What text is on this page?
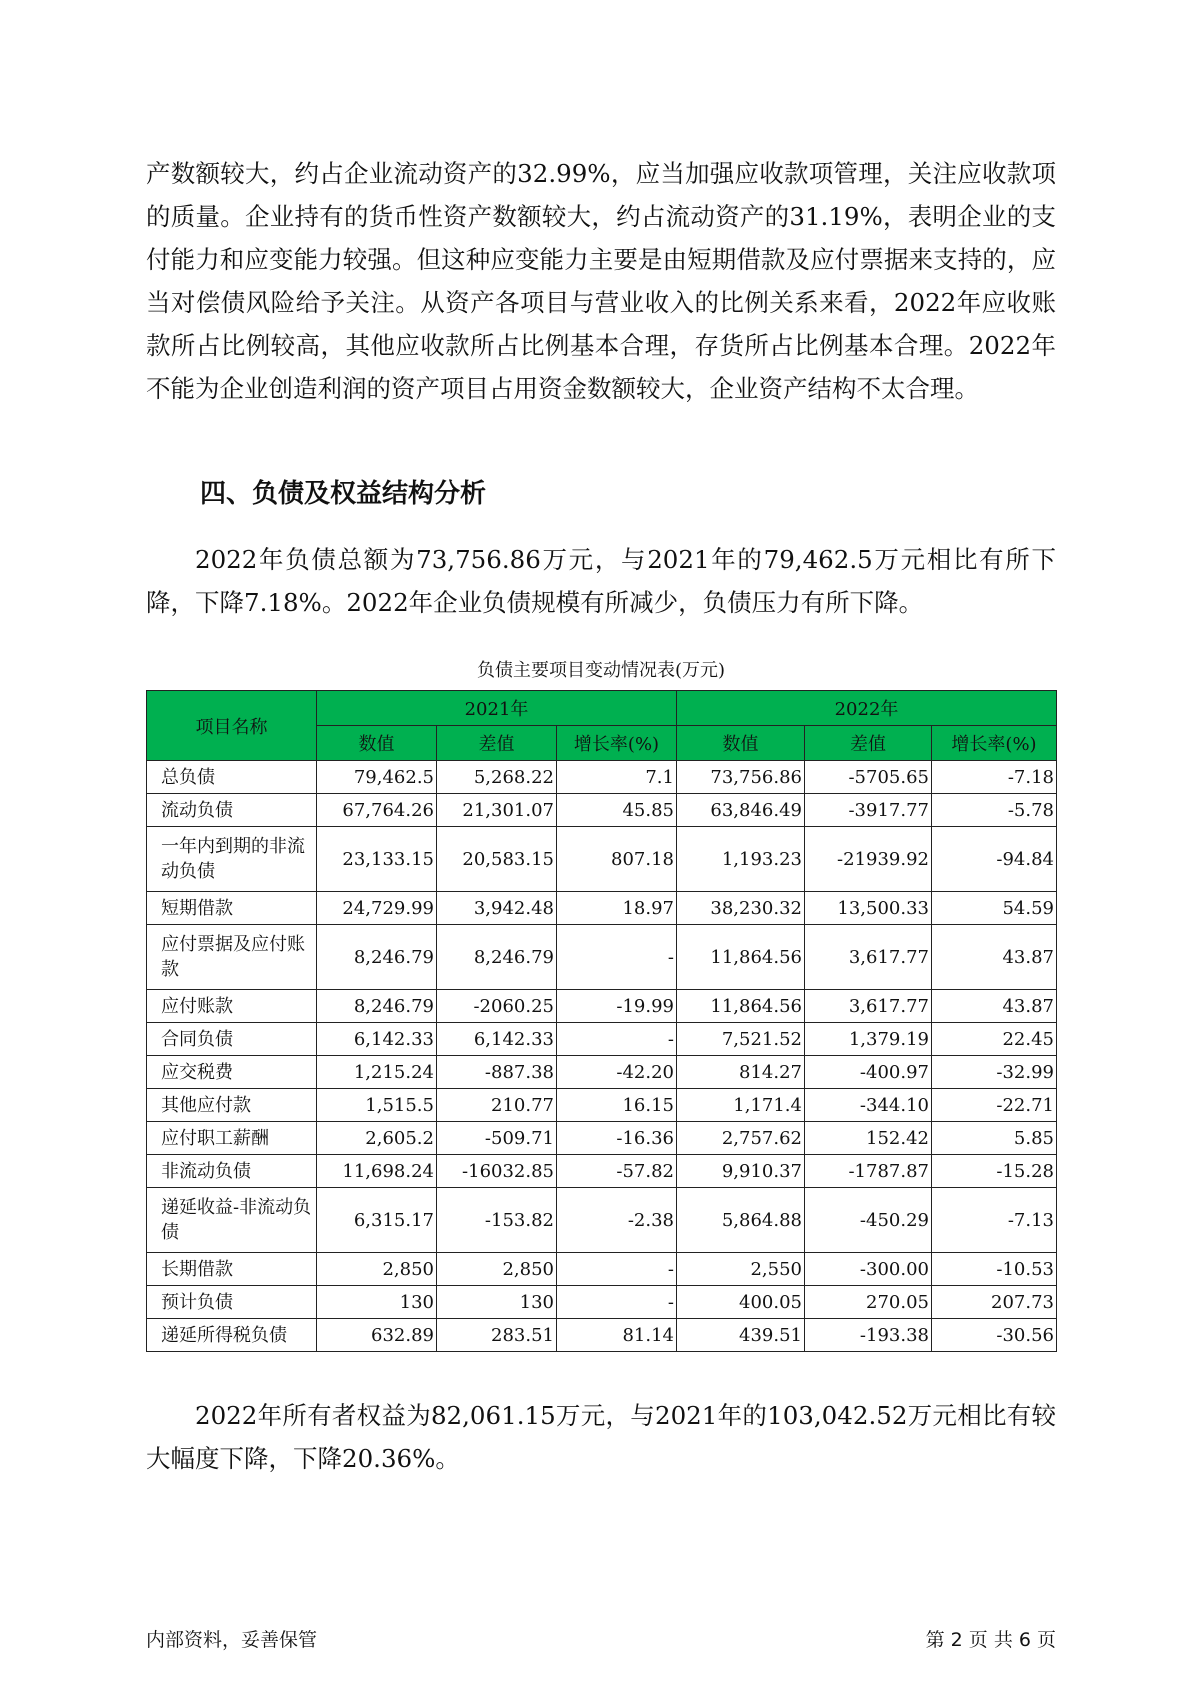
产数额较大，约占企业流动资产的32.99%，应当加强应收款项管理，关注应收款项的质量。企业持有的货币性资产数额较大，约占流动资产的31.19%，表明企业的支付能力和应变能力较强。但这种应变能力主要是由短期借款及应付票据来支持的，应当对偿债风险给予关注。从资产各项目与营业收入的比例关系来看，2022年应收账款所占比例较高，其他应收款所占比例基本合理，存货所占比例基本合理。2022年不能为企业创造利润的资产项目占用资金数额较大，企业资产结构不太合理。

四、负债及权益结构分析

2022年负债总额为73,756.86万元，与2021年的79,462.5万元相比有所下降，下降7.18%。2022年企业负债规模有所减少，负债压力有所下降。

负债主要项目变动情况表(万元)

项目名称	2021年			2022年		
	数值	差值	增长率(%)	数值	差值	增长率(%)
总负债	79,462.5	5,268.22	7.1	73,756.86	-5705.65	-7.18
流动负债	67,764.26	21,301.07	45.85	63,846.49	-3917.77	-5.78
一年内到期的非流动负债	23,133.15	20,583.15	807.18	1,193.23	-21939.92	-94.84
短期借款	24,729.99	3,942.48	18.97	38,230.32	13,500.33	54.59
应付票据及应付账款	8,246.79	8,246.79	-	11,864.56	3,617.77	43.87
应付账款	8,246.79	-2060.25	-19.99	11,864.56	3,617.77	43.87
合同负债	6,142.33	6,142.33	-	7,521.52	1,379.19	22.45
应交税费	1,215.24	-887.38	-42.20	814.27	-400.97	-32.99
其他应付款	1,515.5	210.77	16.15	1,171.4	-344.10	-22.71
应付职工薪酬	2,605.2	-509.71	-16.36	2,757.62	152.42	5.85
非流动负债	11,698.24	-16032.85	-57.82	9,910.37	-1787.87	-15.28
递延收益-非流动负债	6,315.17	-153.82	-2.38	5,864.88	-450.29	-7.13
长期借款	2,850	2,850	-	2,550	-300.00	-10.53
预计负债	130	130	-	400.05	270.05	207.73
递延所得税负债	632.89	283.51	81.14	439.51	-193.38	-30.56

2022年所有者权益为82,061.15万元，与2021年的103,042.52万元相比有较大幅度下降，下降20.36%。

内部资料，妥善保管	第 2 页 共 6 页
